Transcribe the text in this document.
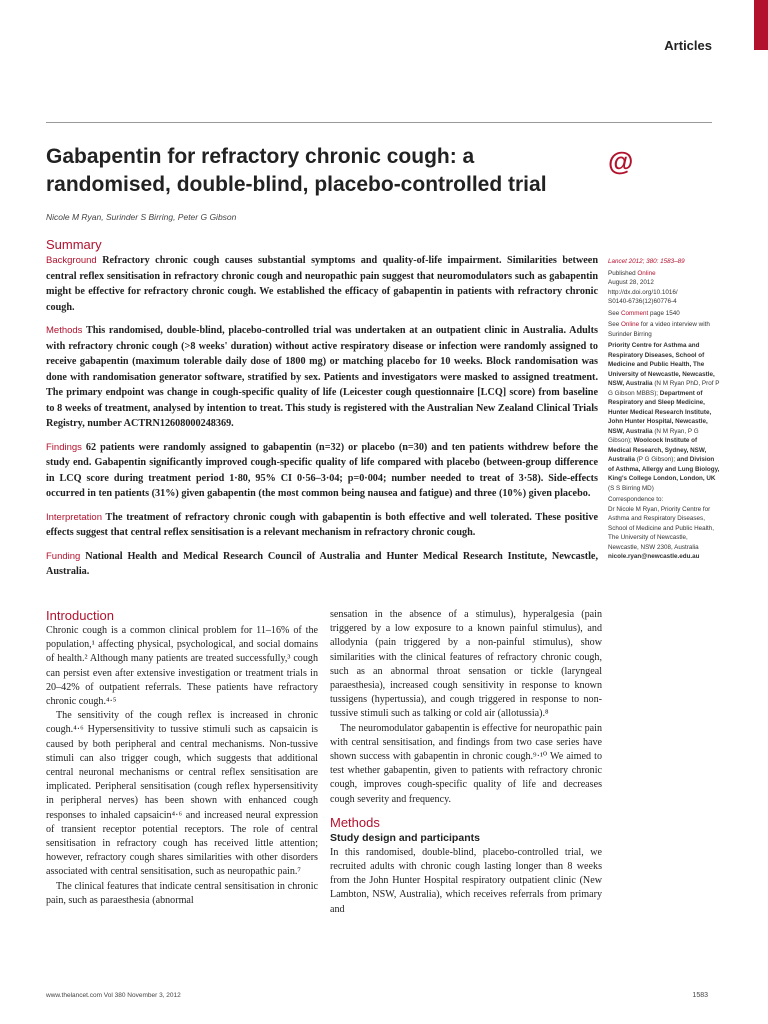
Articles
Gabapentin for refractory chronic cough: a randomised, double-blind, placebo-controlled trial
@
Nicole M Ryan, Surinder S Birring, Peter G Gibson
Summary

Background Refractory chronic cough causes substantial symptoms and quality-of-life impairment. Similarities between central reflex sensitisation in refractory chronic cough and neuropathic pain suggest that neuromodulators such as gabapentin might be effective for refractory chronic cough. We established the efficacy of gabapentin in patients with refractory chronic cough.

Methods This randomised, double-blind, placebo-controlled trial was undertaken at an outpatient clinic in Australia. Adults with refractory chronic cough (>8 weeks' duration) without active respiratory disease or infection were randomly assigned to receive gabapentin (maximum tolerable daily dose of 1800 mg) or matching placebo for 10 weeks. Block randomisation was done with randomisation generator software, stratified by sex. Patients and investigators were masked to assigned treatment. The primary endpoint was change in cough-specific quality of life (Leicester cough questionnaire [LCQ] score) from baseline to 8 weeks of treatment, analysed by intention to treat. This study is registered with the Australian New Zealand Clinical Trials Registry, number ACTRN12608000248369.

Findings 62 patients were randomly assigned to gabapentin (n=32) or placebo (n=30) and ten patients withdrew before the study end. Gabapentin significantly improved cough-specific quality of life compared with placebo (between-group difference in LCQ score during treatment period 1·80, 95% CI 0·56–3·04; p=0·004; number needed to treat of 3·58). Side-effects occurred in ten patients (31%) given gabapentin (the most common being nausea and fatigue) and three (10%) given placebo.

Interpretation The treatment of refractory chronic cough with gabapentin is both effective and well tolerated. These positive effects suggest that central reflex sensitisation is a relevant mechanism in refractory chronic cough.

Funding National Health and Medical Research Council of Australia and Hunter Medical Research Institute, Newcastle, Australia.

Lancet 2012; 380: 1583–89
Published Online
August 28, 2012
http://dx.doi.org/10.1016/
S0140-6736(12)60776-4
See Comment page 1540
See Online for a video interview with Surinder Birring
Priority Centre for Asthma and Respiratory Diseases, School of Medicine and Public Health, The University of Newcastle, Newcastle, NSW, Australia (N M Ryan PhD, Prof P G Gibson MBBS); Department of Respiratory and Sleep Medicine, Hunter Medical Research Institute, John Hunter Hospital, Newcastle, NSW, Australia (N M Ryan, P G Gibson); Woolcock Institute of Medical Research, Sydney, NSW, Australia (P G Gibson); and Division of Asthma, Allergy and Lung Biology, King's College London, London, UK (S S Birring MD)
Correspondence to:
Dr Nicole M Ryan, Priority Centre for Asthma and Respiratory Diseases, School of Medicine and Public Health, The University of Newcastle, Newcastle, NSW 2308, Australia
nicole.ryan@newcastle.edu.au
Introduction

Chronic cough is a common clinical problem for 11–16% of the population,¹ affecting physical, psychological, and social domains of health.² Although many patients are treated successfully,³ cough can persist even after extensive investigation or treatment trials in 20–42% of outpatient referrals. These patients have refractory chronic cough.⁴·⁵

The sensitivity of the cough reflex is increased in chronic cough.⁴·⁶ Hypersensitivity to tussive stimuli such as capsaicin is caused by both peripheral and central mechanisms. Non-tussive stimuli can also trigger cough, which suggests that additional central neuronal mechanisms or central reflex sensitisation are implicated. Peripheral sensitisation (cough reflex hypersensitivity in peripheral nerves) has been shown with enhanced cough responses to inhaled capsaicin⁴·⁶ and increased neural expression of transient receptor potential receptors. The role of central sensitisation in refractory cough has received little attention; however, refractory cough shares similarities with other disorders associated with central sensitisation, such as neuropathic pain.⁷

The clinical features that indicate central sensitisation in chronic pain, such as paraesthesia (abnormal

sensation in the absence of a stimulus), hyperalgesia (pain triggered by a low exposure to a known painful stimulus), and allodynia (pain triggered by a non-painful stimulus), show similarities with the clinical features of refractory chronic cough, such as an abnormal throat sensation or tickle (laryngeal paraesthesia), increased cough sensitivity in response to known tussigens (hypertussia), and cough triggered in response to non-tussive stimuli such as talking or cold air (allotussia).⁸

The neuromodulator gabapentin is effective for neuropathic pain with central sensitisation, and findings from two case series have shown success with gabapentin in chronic cough.⁹·¹⁰ We aimed to test whether gabapentin, given to patients with refractory chronic cough, improves cough-specific quality of life and decreases cough severity and frequency.

Methods
Study design and participants

In this randomised, double-blind, placebo-controlled trial, we recruited adults with chronic cough lasting longer than 8 weeks from the John Hunter Hospital respiratory outpatient clinic (New Lambton, NSW, Australia), which receives referrals from primary and

www.thelancet.com Vol 380 November 3, 2012	1583
